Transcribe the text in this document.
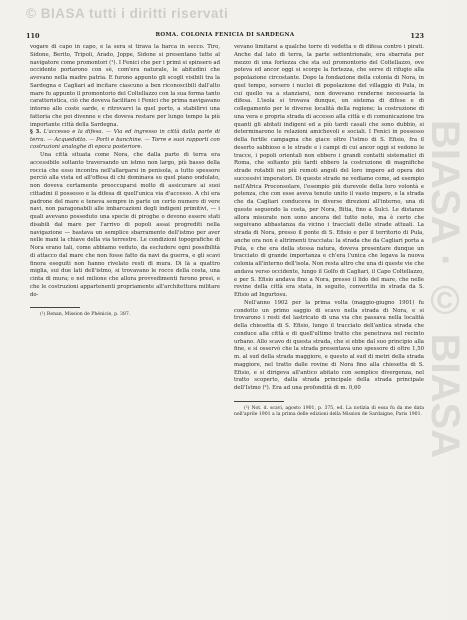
© BIASA tutti i diritti riservati
BIASA · © BIASA
110	ROMA. COLONIA FENICIA DI SARDEGNA	123

vogare di capo in capo, e la sera si tirava la barca in secco. Tiro, Sidone, Berito, Tripoli, Arado, Joppe, Sidone si presentano tutte al navigatore come promontori (¹). I Fenici che per i primi si spinsero ad occidente portarono con sè, com'era naturale, le abitudini che avevano nella madre patria. E furono appunto gli scogli visibili tra la Sardegna e Cagliari ad incitare ciascuno a ben riconoscibili dall'alto mare fu appunto il promontorio del Coltellazzo con la sua forma tanto caratteristica, ciò che doveva facilitare i Fenici che prima navigavano intorno alle coste sarde, e ritrovarvi la quel porto, a stabilirvi una fattoria che poi divenne e che doveva restare per lungo tempo la più importante città della Sardegna.

§ 3. L'accesso e la difesa. — Via ed ingresso in città dalla parte di terra. — Acquedotto. — Porti e banchine. — Torre e suoi rapporti con costruzioni analoghe di epoca posteriore.

Una città situata come Nora, che dalla parte di terra era accessibile soltanto traversando un istmo non largo, più basso della roccia che esso incontra nell'allargarsi in penisola, a tutto spessore perciò alla vista ed all'offesa di chi dominava su quel piano ondulato, non doveva certamente preoccuparsi molto di assicurare ai suoi cittadini il possesso e la difesa di quell'unica via d'accesso. A chi era padrone del mare e teneva sempre in parte un certo numero di vere navi, non paragonabili alle imbarcazioni degli indigeni primitivi, — i quali avevano posseduto una specie di piroghe o devono essere stati disabili dal mare per l'arrivo di popoli assai progrediti nella navigazione — bastava un semplice sbarramento dell'istmo per aver nelle mani la chiave della via terrestre. Le condizioni topografiche di Nora erano tali, come abbiamo veduto, da escludere ogni possibilità di attacco dal mare che non fosse fatto da navi da guerra, e gli scavi finora eseguiti non hanno rivelato resti di mura. Di là a quattro miglia, sui due lati dell'istmo, si trovavano le rocce della costa, una cinta di mura; e nel milione che allora provvedimenti furono presi, e che le costruzioni appartenenti propriamente all'architettura militare do-

(¹) Renan, Mission de Phénicie, p. 387.

vevano limitarsi a qualche torre di vedetta e di difesa contro i pirati. Anche dal lato di terra, la parte settentrionale, era sbarrata per mezzo di una fortezza che sta sul promontorio del Coltellazzo, ove poteva ed ancor oggi si scorge la fortezza, che serve di rifugio alla popolazione circostante. Dopo la fondazione della colonia di Nora, in quel tempo, sorsero i nuclei di popolazione del villaggio di Pula, in cui quello va a stanziarsi, non dovevano renderne necessaria la difesa. L'isola si trovava dunque, un sistema di difese e di collegamento per le diverse località della regione; la costruzione di una vera e propria strada di accesso alla città e di comunicazione tra quanti gli abitati indigeni ed a più tardi casali che sono dubbio, si determinarono le relazioni amichevoli e sociali. I Fenici in possesso della fertile campagna che giace oltre l'istmo di S. Efisio, fra il deserto sabbioso e le strade e i campi di cui ancor oggi si vedono le tracce, i popoli orientali non ebbero i grandi contatti sistematici di Roma, che soltanto più tardi ebbero la costruzione di magnifiche strade rotabili nei più remoti angoli del loro impero ad opera dei successivi imperatori. Di queste strade ne vediamo come, ad esempio nell'Africa Proconsolare, l'esempio più durevole della loro volontà e potenza, che con esse aveva tenuto unito il vasto impero, e la strada che da Cagliari conduceva in diverse direzioni all'interno, una di queste seguendo la costa, per Nora, Bitia, fino a Sulci. Le distanze allora misurate non sono ancora del tutto note, ma è certo che seguivano abbastanza da vicino i tracciati delle strade attuali. La strada di Nora, presso il ponte di S. Efisio e per il territorio di Pula, anche ora non è altrimenti tracciata: la strada che da Cagliari porta a Pula, e che era della stessa natura, doveva presentare dunque un tracciato di grande importanza e ch'era l'unica che legava la nuova colonia all'interno dell'isola. Non resta altro che una di queste vie che andava verso occidente, lungo il Golfo di Cagliari, il Capo Coltellazzo, e per S. Efisio andava fino a Nora, presso il lido del mare, che nelle rovine della città era stata, in seguito, convertita in strada da S. Efisio ad Ingurtosu.

Nell'anno 1902 per la prima volta (maggio-giugno 1901) fu condotto un primo saggio di scavo nella strada di Nora, e si trovarono i resti del lastricato di una via che passava nella località della chiesetta di S. Efisio, lungo il tracciato dell'antica strada che conduce alla città e di quell'ultimo tratto che penetrava nel recinto urbano. Allo scavo di questa strada, che si ebbe dal suo principio alla fine, e si osservò che la strada presentava uno spessore di oltre 1,50 m. al sud della strada maggiore, e questo al sud di metri della strada maggiore, nel tratto dalle rovine di Nora fino alla chiesetta di S. Efisio, e si dirigeva all'antico abitato con semplice divergenza, nel tratto scoperto, dalla strada principale della strada principale dell'Istmo (²). Era ad una profondità di m. 0,60

(²) Not. d. scavi, agosto 1901, p. 375, ed. La notizia di essa fu da me data nell'aprile 1901 a la prima delle edizioni della Mission de Sardaigne, Paris 1901.
